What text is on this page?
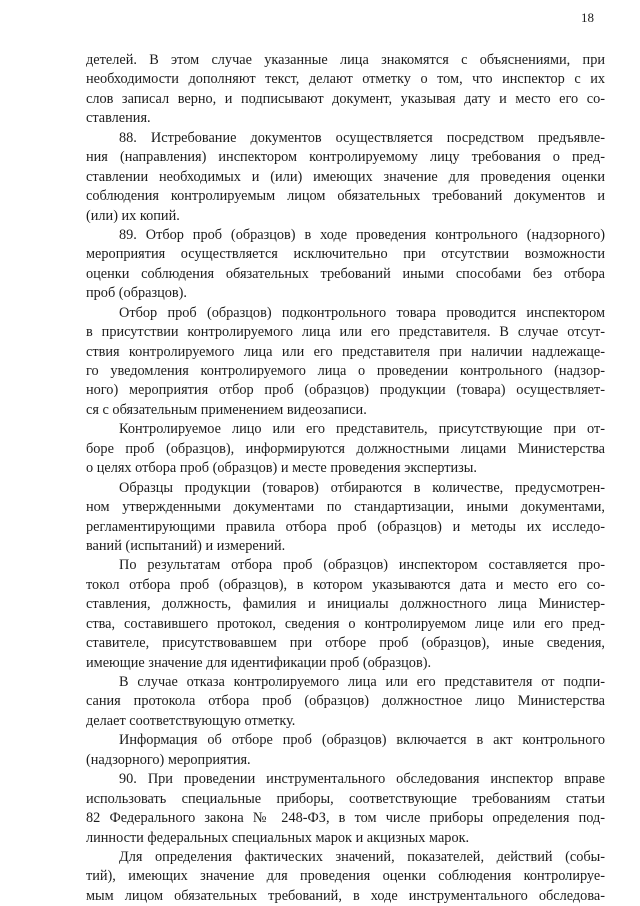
18
детелей. В этом случае указанные лица знакомятся с объяснениями, при
необходимости дополняют текст, делают отметку о том, что инспектор с их
слов записал верно, и подписывают документ, указывая дату и место его со-
ставления.
88. Истребование документов осуществляется посредством предъявле-
ния (направления) инспектором контролируемому лицу требования о пред-
ставлении необходимых и (или) имеющих значение для проведения оценки
соблюдения контролируемым лицом обязательных требований документов и
(или) их копий.
89. Отбор проб (образцов) в ходе проведения контрольного (надзорного)
мероприятия осуществляется исключительно при отсутствии возможности
оценки соблюдения обязательных требований иными способами без отбора
проб (образцов).
Отбор проб (образцов) подконтрольного товара проводится инспектором
в присутствии контролируемого лица или его представителя. В случае отсут-
ствия контролируемого лица или его представителя при наличии надлежаще-
го уведомления контролируемого лица о проведении контрольного (надзор-
ного) мероприятия отбор проб (образцов) продукции (товара) осуществляет-
ся с обязательным применением видеозаписи.
Контролируемое лицо или его представитель, присутствующие при от-
боре проб (образцов), информируются должностными лицами Министерства
о целях отбора проб (образцов) и месте проведения экспертизы.
Образцы продукции (товаров) отбираются в количестве, предусмотрен-
ном утвержденными документами по стандартизации, иными документами,
регламентирующими правила отбора проб (образцов) и методы их исследо-
ваний (испытаний) и измерений.
По результатам отбора проб (образцов) инспектором составляется про-
токол отбора проб (образцов), в котором указываются дата и место его со-
ставления, должность, фамилия и инициалы должностного лица Министер-
ства, составившего протокол, сведения о контролируемом лице или его пред-
ставителе, присутствовавшем при отборе проб (образцов), иные сведения,
имеющие значение для идентификации проб (образцов).
В случае отказа контролируемого лица или его представителя от подпи-
сания протокола отбора проб (образцов) должностное лицо Министерства
делает соответствующую отметку.
Информация об отборе проб (образцов) включается в акт контрольного
(надзорного) мероприятия.
90. При проведении инструментального обследования инспектор вправе
использовать специальные приборы, соответствующие требованиям статьи
82 Федерального закона № 248-ФЗ, в том числе приборы определения под-
линности федеральных специальных марок и акцизных марок.
Для определения фактических значений, показателей, действий (собы-
тий), имеющих значение для проведения оценки соблюдения контролируе-
мым лицом обязательных требований, в ходе инструментального обследова-
